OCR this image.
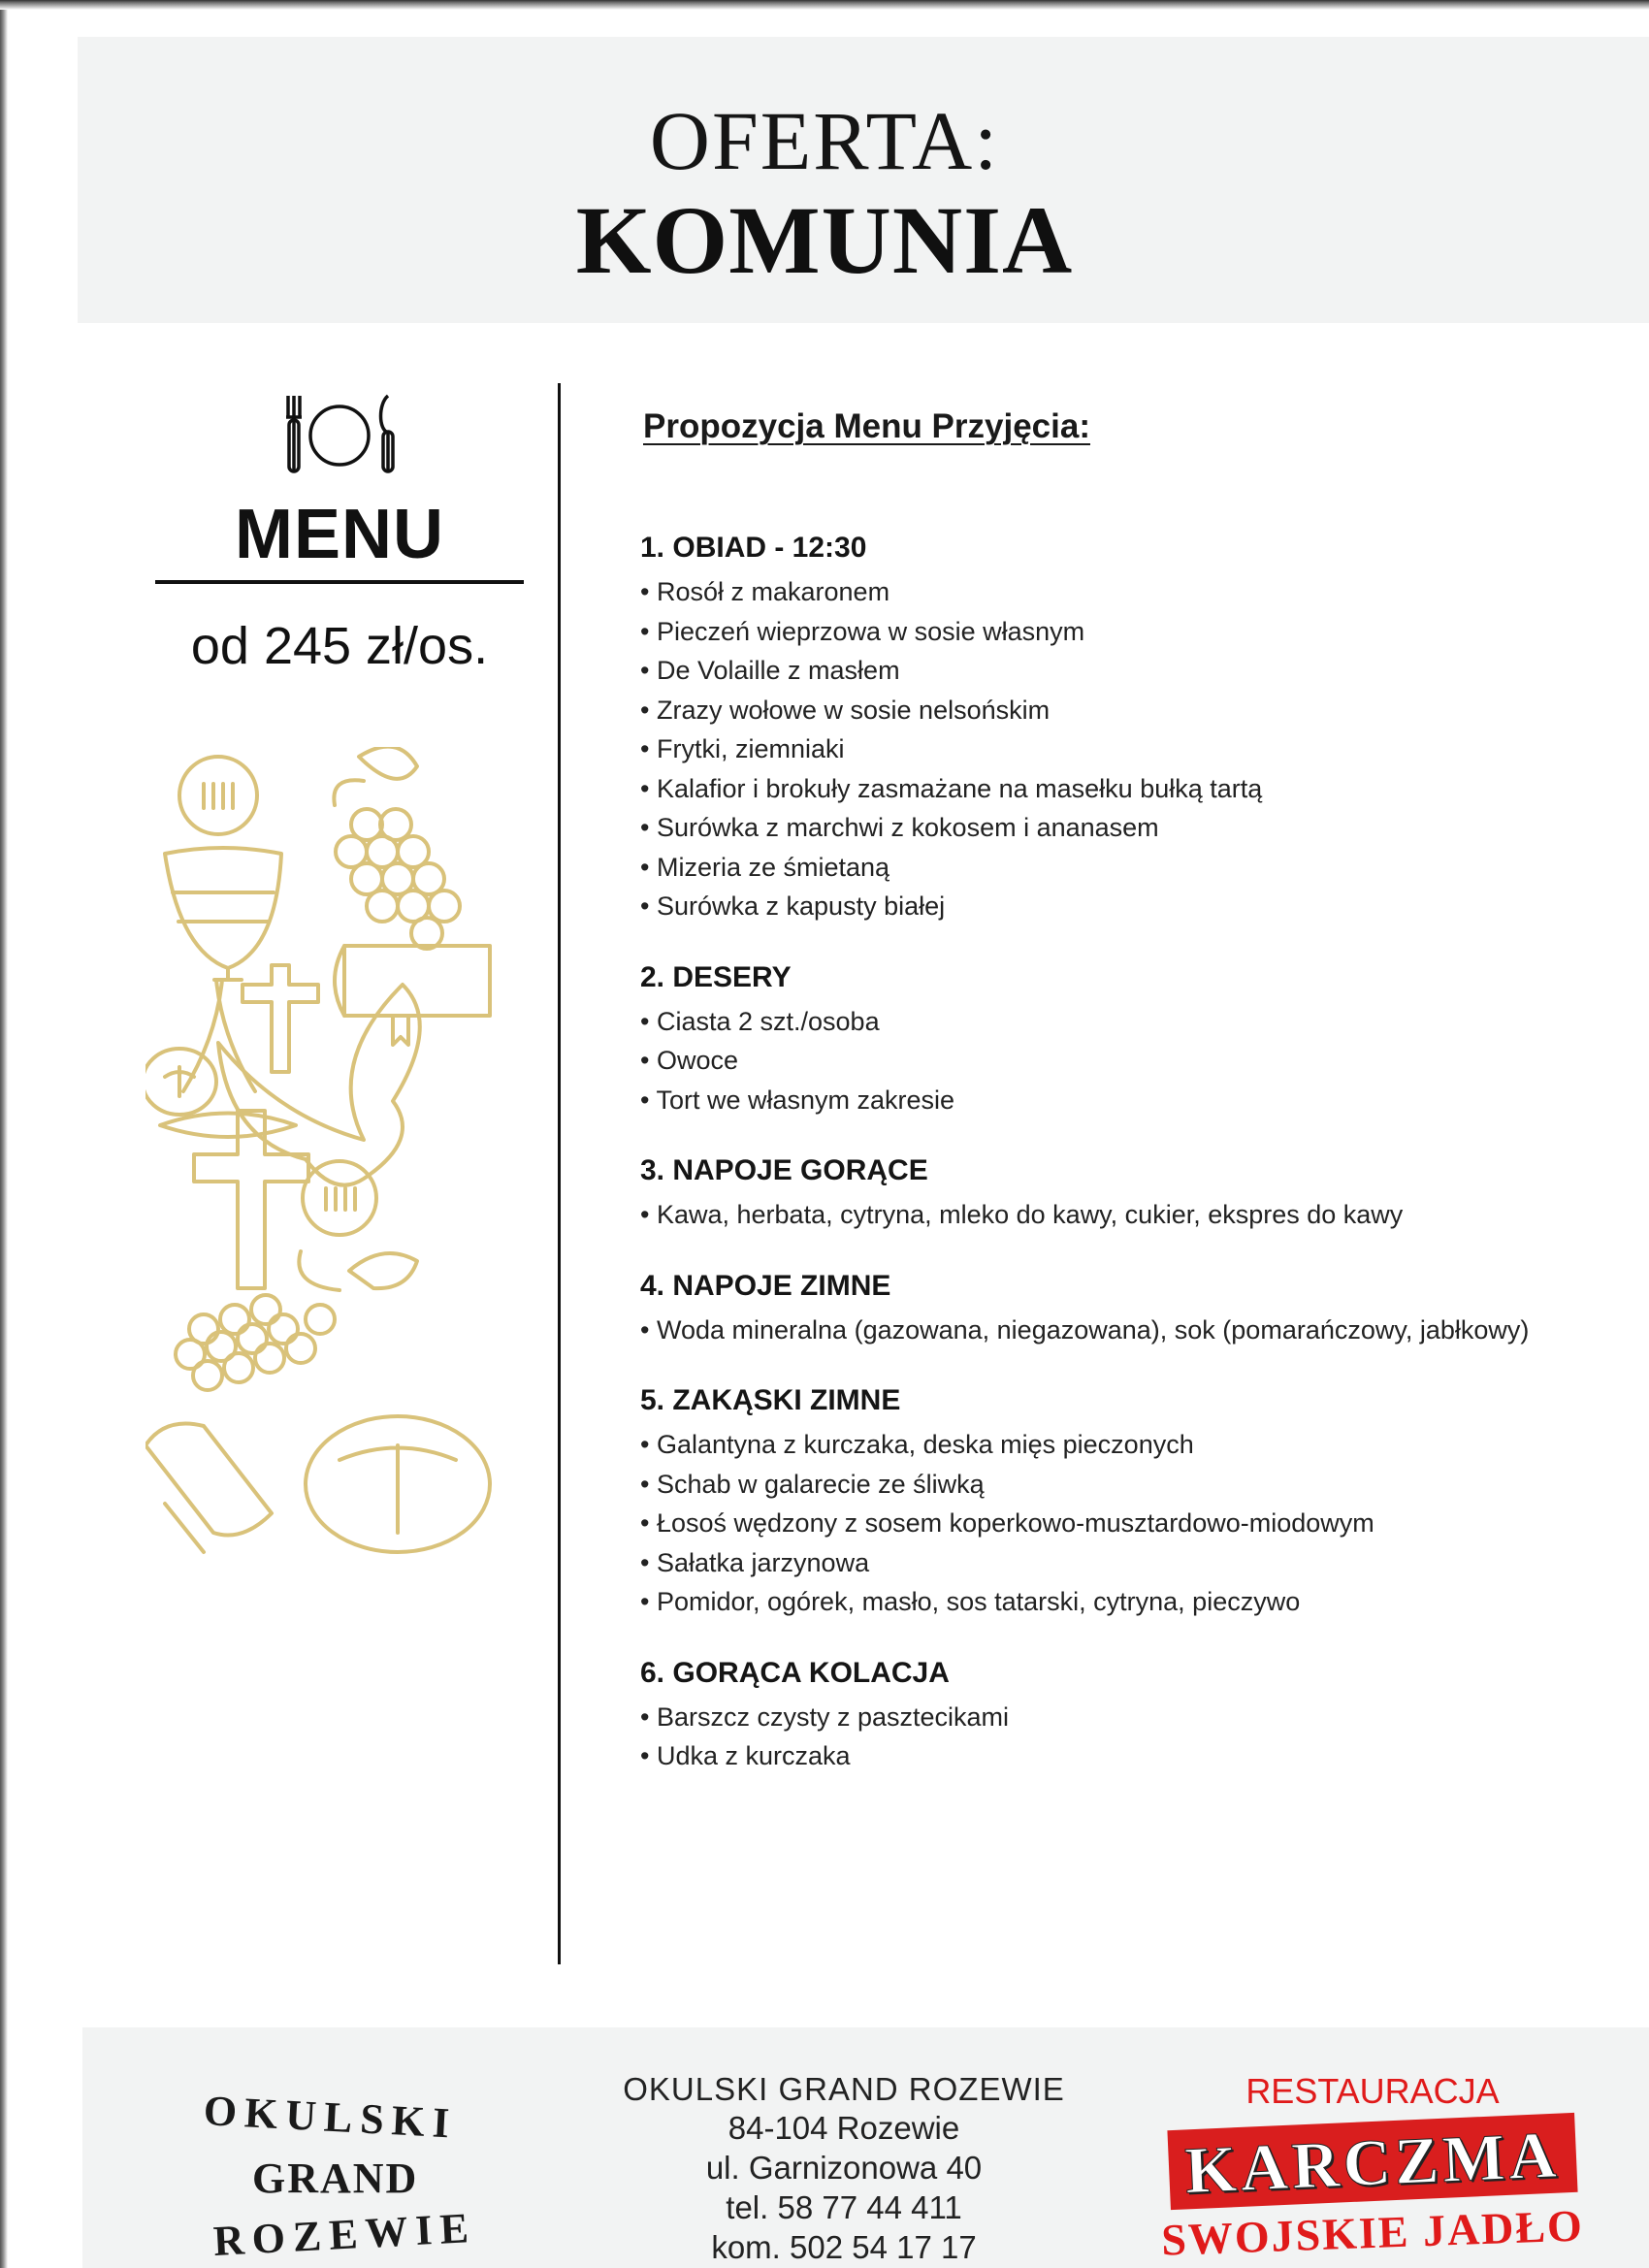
OFERTA:
KOMUNIA
MENU
od 245 zł/os.
Propozycja Menu Przyjęcia:
1. OBIAD - 12:30
• Rosół z makaronem
• Pieczeń wieprzowa w sosie własnym
• De Volaille z masłem
• Zrazy wołowe w sosie nelsońskim
• Frytki, ziemniaki
• Kalafior i brokuły zasmażane na masełku bułką tartą
• Surówka z marchwi z kokosem i ananasem
• Mizeria ze śmietaną
• Surówka z kapusty białej
2. DESERY
• Ciasta 2 szt./osoba
• Owoce
• Tort we własnym zakresie
3. NAPOJE GORĄCE
• Kawa, herbata, cytryna, mleko do kawy, cukier, ekspres do kawy
4. NAPOJE ZIMNE
• Woda mineralna (gazowana, niegazowana), sok (pomarańczowy, jabłkowy)
5. ZAKĄSKI ZIMNE
• Galantyna z kurczaka, deska mięs pieczonych
• Schab w galarecie ze śliwką
• Łosoś wędzony z sosem koperkowo-musztardowo-miodowym
• Sałatka jarzynowa
• Pomidor, ogórek, masło, sos tatarski, cytryna, pieczywo
6. GORĄCA KOLACJA
• Barszcz czysty z pasztecikami
• Udka z kurczaka
OKULSKI
GRAND
ROZEWIE
OKULSKI GRAND ROZEWIE
84-104 Rozewie
ul. Garnizonowa 40
tel. 58 77 44 411
kom. 502 54 17 17
RESTAURACJA
KARCZMA
SWOJSKIE JADŁO
